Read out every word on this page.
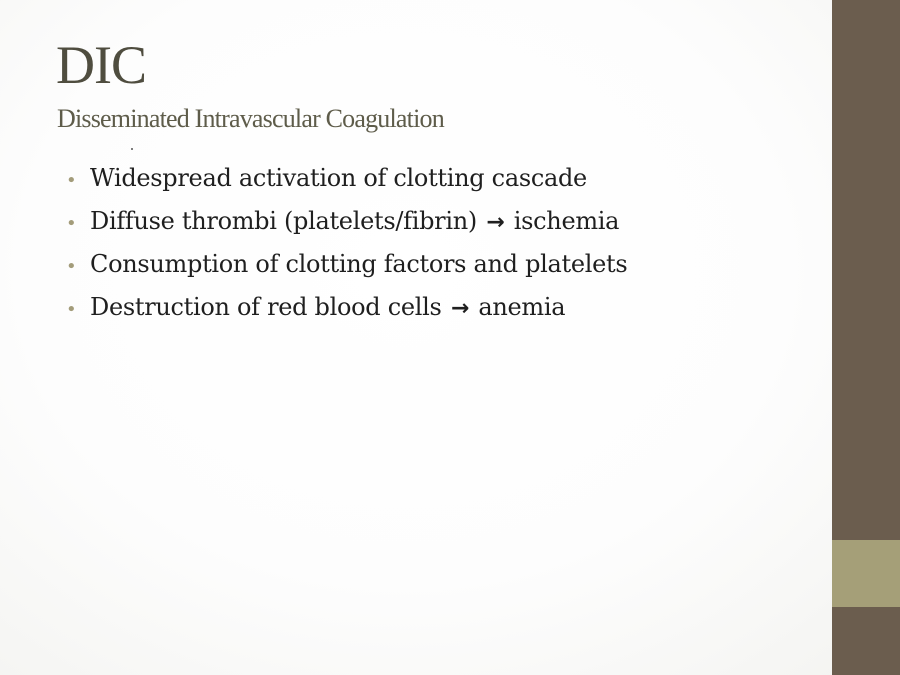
DIC
Disseminated Intravascular Coagulation
• Widespread activation of clotting cascade
• Diffuse thrombi (platelets/fibrin)
→
ischemia
• Consumption of clotting factors and platelets
• Destruction of red blood cells
→
anemia
